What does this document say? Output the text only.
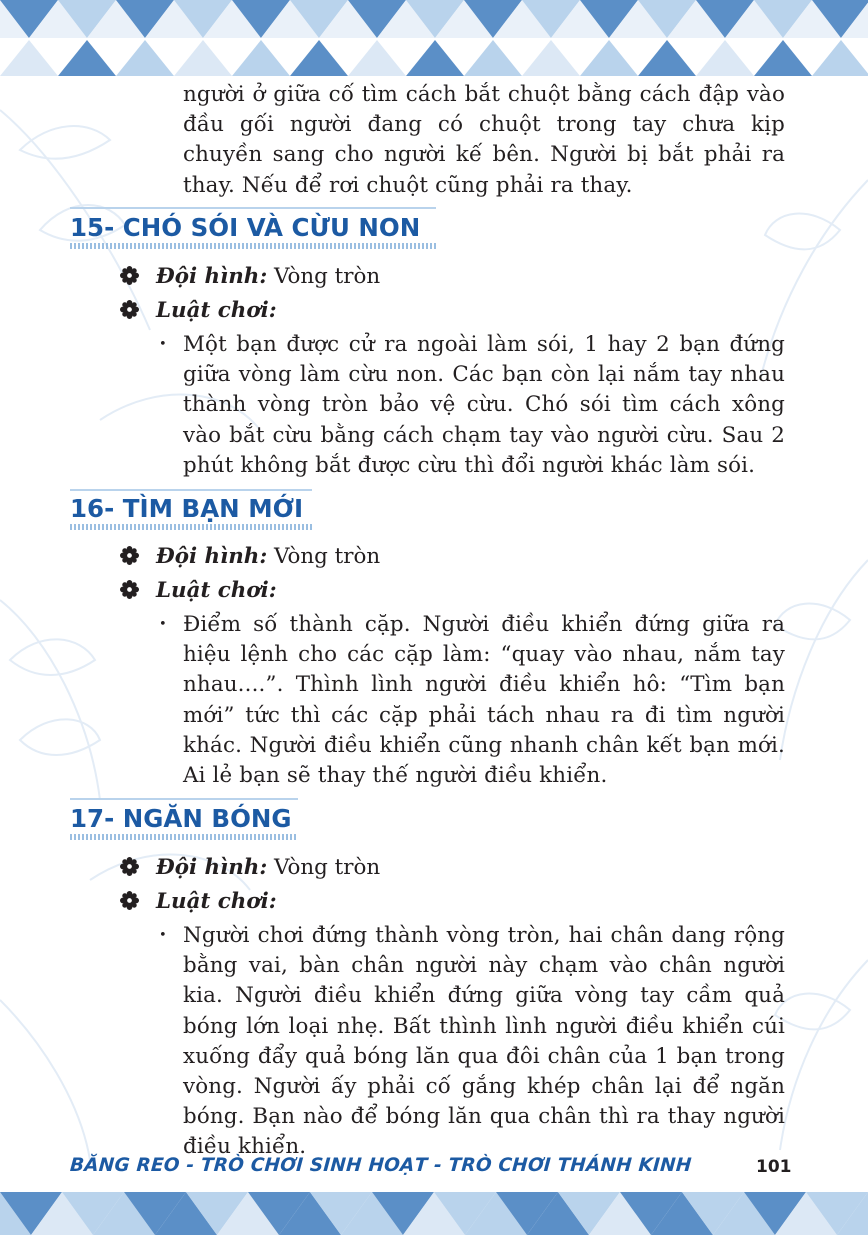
người ở giữa cố tìm cách bắt chuột bằng cách đập vào đầu gối người đang có chuột trong tay chưa kịp chuyền sang cho người kế bên. Người bị bắt phải ra thay. Nếu để rơi chuột cũng phải ra thay.
15- CHÓ SÓI VÀ CỪU NON
Đội hình: Vòng tròn
Luật chơi:
• Một bạn được cử ra ngoài làm sói, 1 hay 2 bạn đứng giữa vòng làm cừu non. Các bạn còn lại nắm tay nhau thành vòng tròn bảo vệ cừu. Chó sói tìm cách xông vào bắt cừu bằng cách chạm tay vào người cừu. Sau 2 phút không bắt được cừu thì đổi người khác làm sói.
16- TÌM BẠN MỚI
Đội hình: Vòng tròn
Luật chơi:
• Điểm số thành cặp. Người điều khiển đứng giữa ra hiệu lệnh cho các cặp làm: “quay vào nhau, nắm tay nhau....”. Thình lình người điều khiển hô: “Tìm bạn mới” tức thì các cặp phải tách nhau ra đi tìm người khác. Người điều khiển cũng nhanh chân kết bạn mới. Ai lẻ bạn sẽ thay thế người điều khiển.
17- NGĂN BÓNG
Đội hình: Vòng tròn
Luật chơi:
• Người chơi đứng thành vòng tròn, hai chân dang rộng bằng vai, bàn chân người này chạm vào chân người kia. Người điều khiển đứng giữa vòng tay cầm quả bóng lớn loại nhẹ. Bất thình lình người điều khiển cúi xuống đẩy quả bóng lăn qua đôi chân của 1 bạn trong vòng. Người ấy phải cố gắng khép chân lại để ngăn bóng. Bạn nào để bóng lăn qua chân thì ra thay người điều khiển.
BĂNG REO - TRÒ CHƠI SINH HOẠT - TRÒ CHƠI THÁNH KINH	101
